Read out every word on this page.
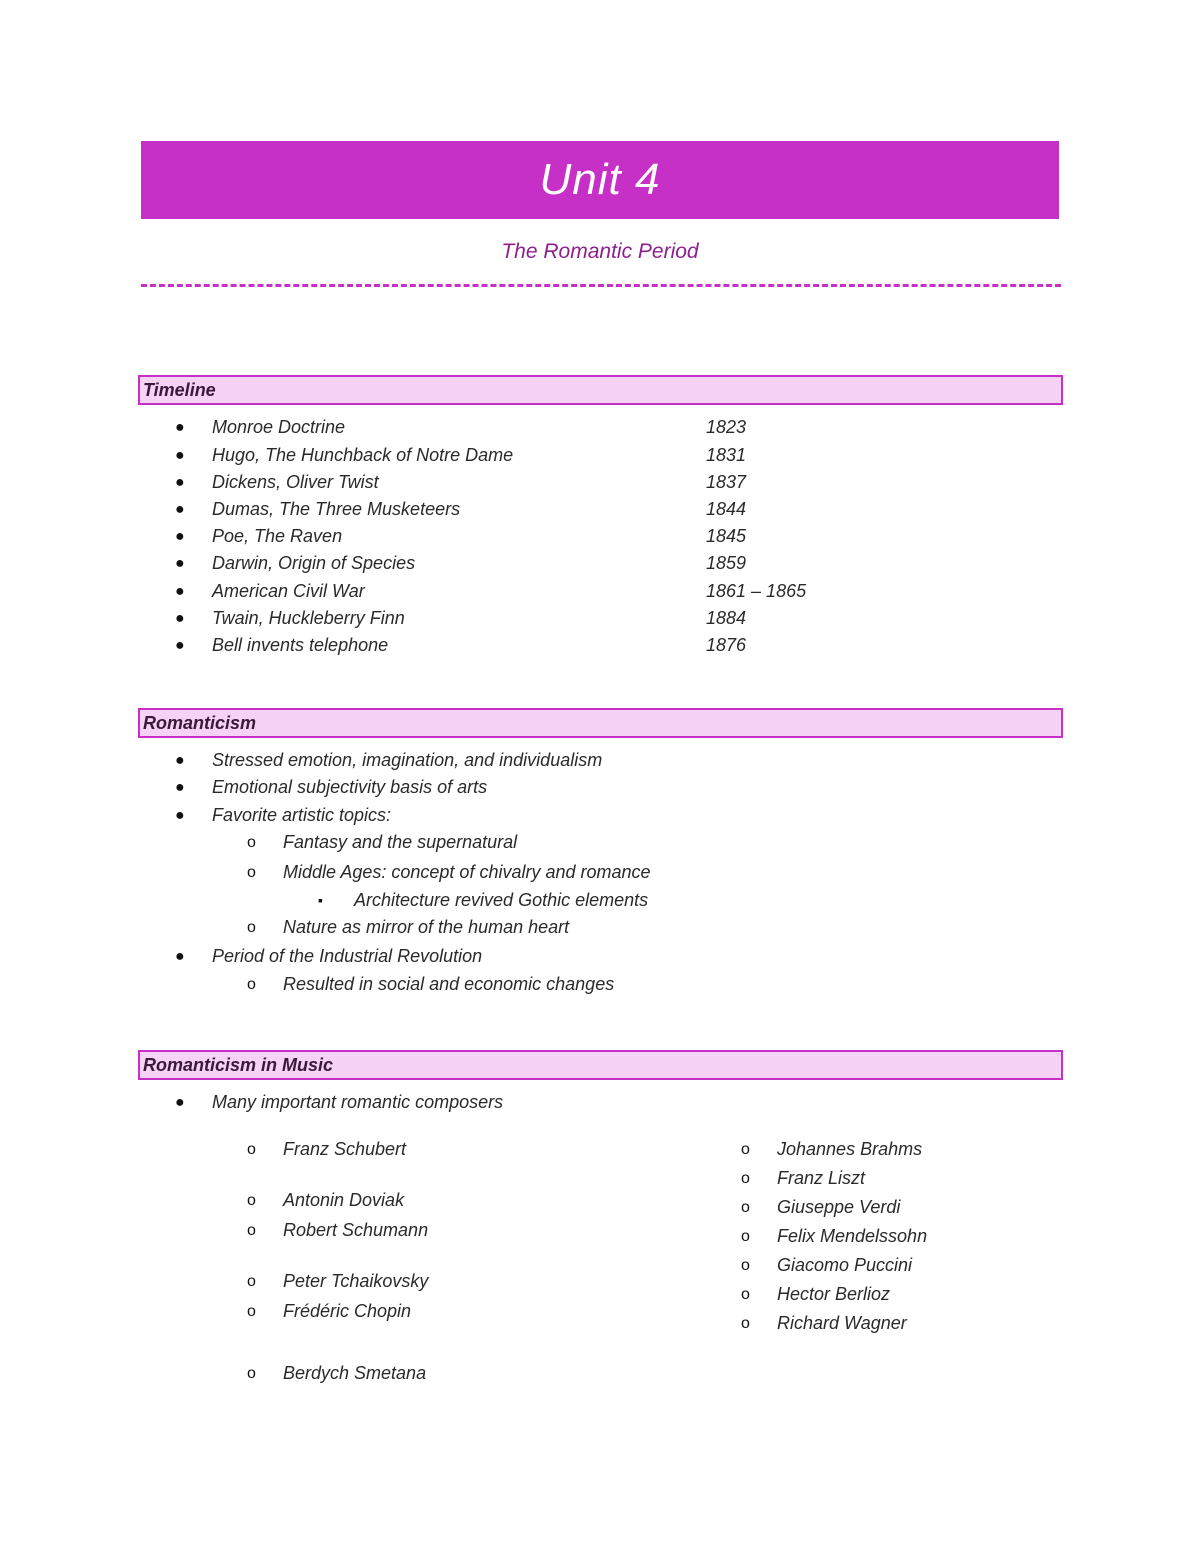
Unit 4
The Romantic Period
Timeline
●
Monroe Doctrine	1823
●
Hugo, The Hunchback of Notre Dame	1831
●
Dickens, Oliver Twist	1837
●
Dumas, The Three Musketeers	1844
●
Poe, The Raven	1845
●
Darwin, Origin of Species	1859
●
American Civil War	1861 – 1865
●
Twain, Huckleberry Finn	1884
●
Bell invents telephone	1876
Romanticism
●
Stressed emotion, imagination, and individualism
●
Emotional subjectivity basis of arts
●
Favorite artistic topics:
o
Fantasy and the supernatural
o
Middle Ages: concept of chivalry and romance
▪
Architecture revived Gothic elements
o
Nature as mirror of the human heart
●
Period of the Industrial Revolution
o
Resulted in social and economic changes
Romanticism in Music
●
Many important romantic composers
o
Franz Schubert
o
Antonin Doviak
o
Robert Schumann
o
Peter Tchaikovsky
o
Frédéric Chopin
o
Berdych Smetana
o
Johannes Brahms
o
Franz Liszt
o
Giuseppe Verdi
o
Felix Mendelssohn
o
Giacomo Puccini
o
Hector Berlioz
o
Richard Wagner
